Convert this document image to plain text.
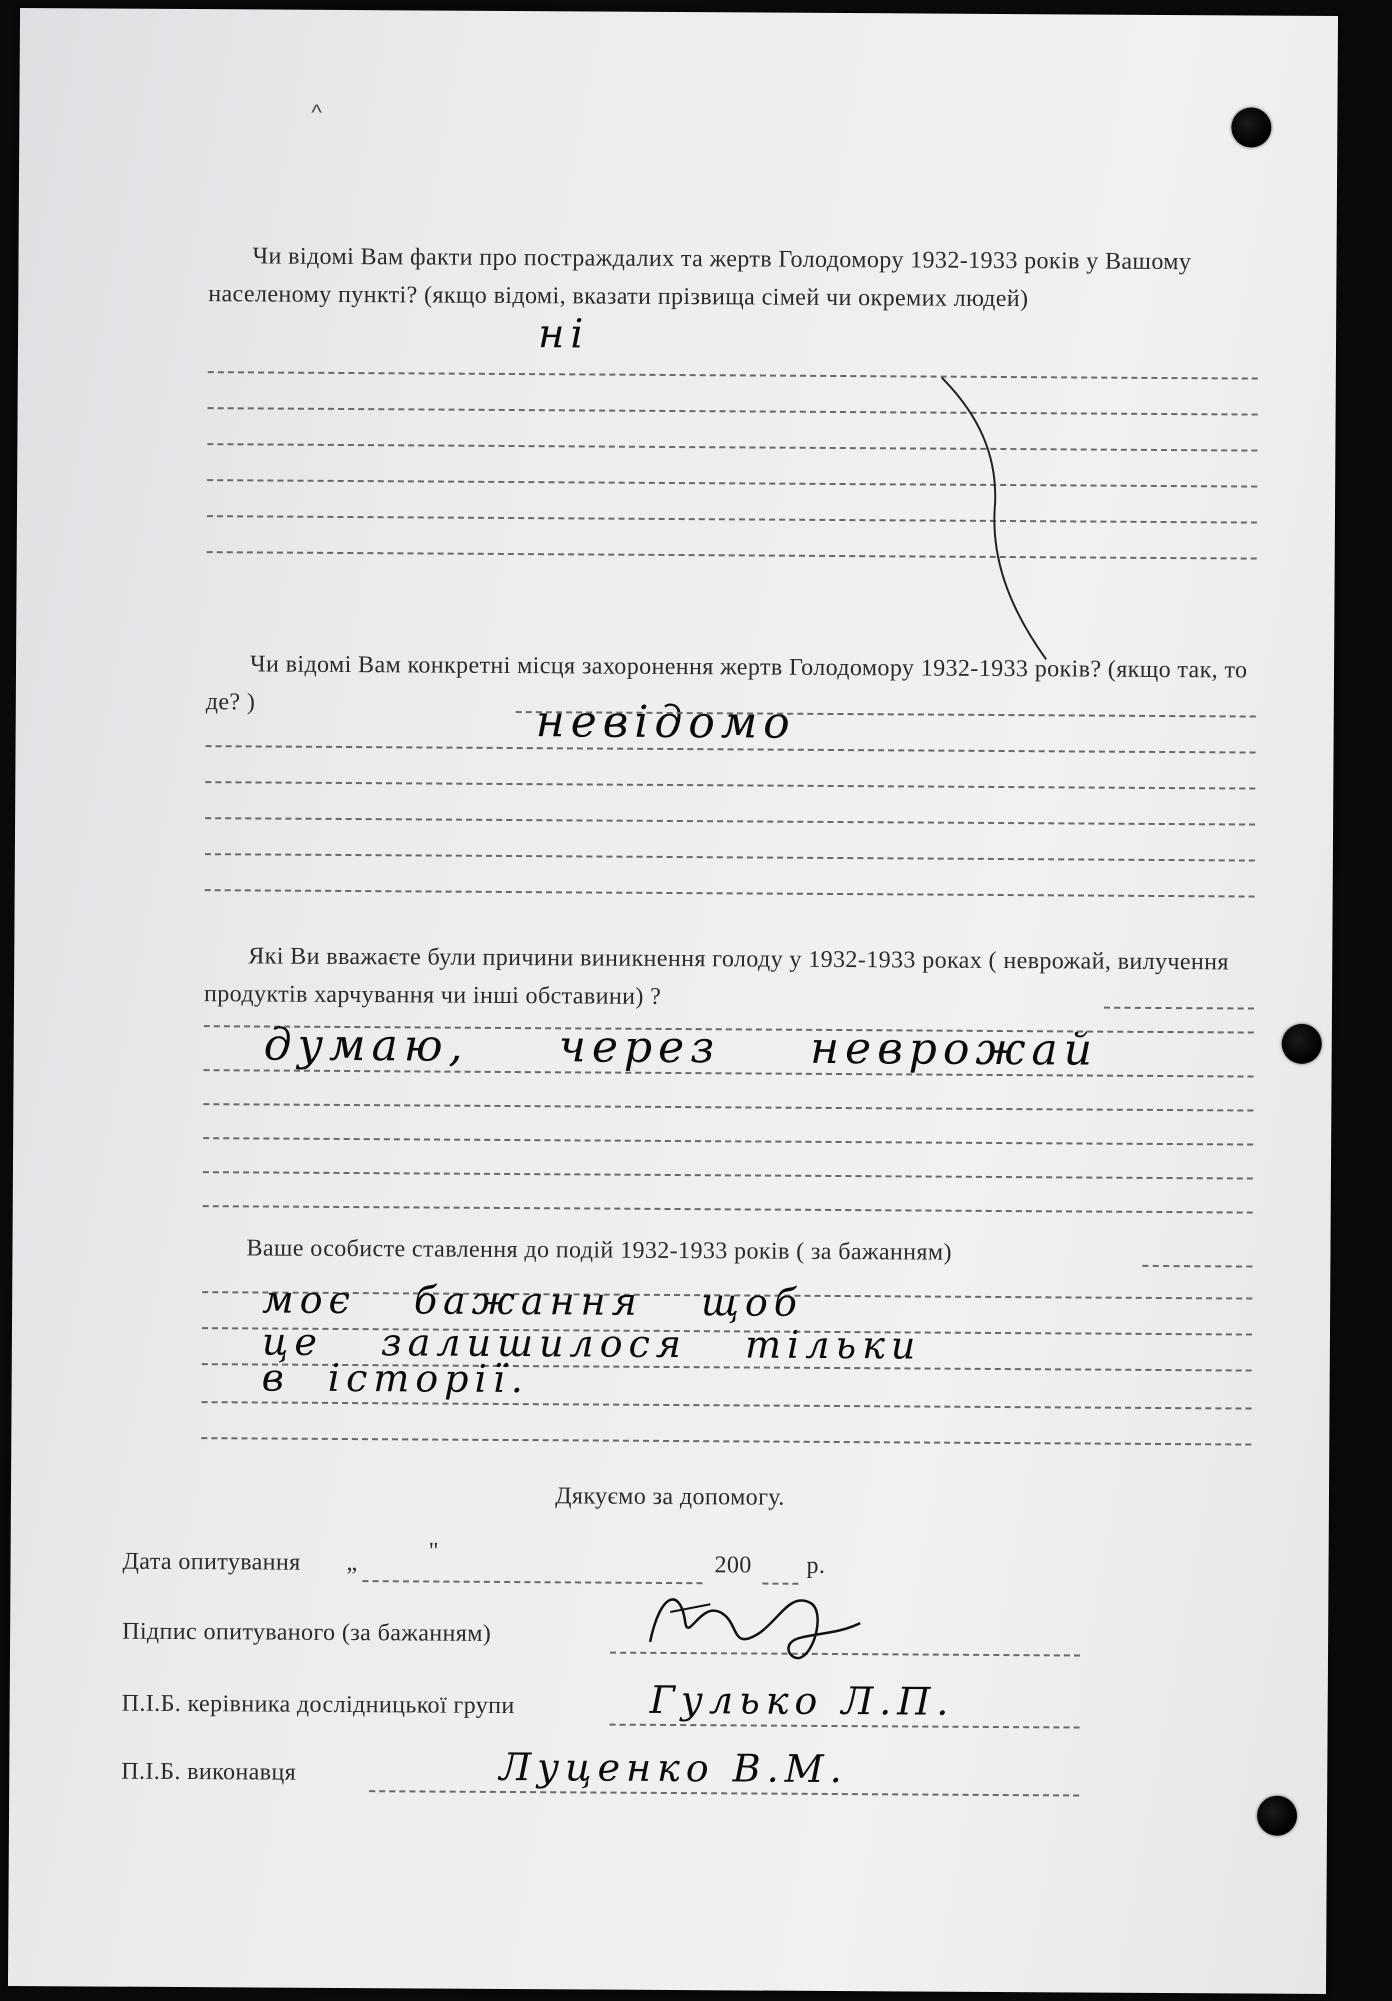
^
Чи відомі Вам факти про постраждалих та жертв Голодомору 1932-1933 років у Вашому населеному пункті? (якщо відомі, вказати прізвища сімей чи окремих людей)
ні
Чи відомі Вам конкретні місця захоронення жертв Голодомору 1932-1933 років? (якщо так, то де? )	невідомо
Які Ви вважаєте були причини виникнення голоду у 1932-1933 роках ( неврожай, вилучення продуктів харчування чи інші обставини) ?
думаю, через неврожай
Ваше особисте ставлення до подій 1932-1933 років ( за бажанням)
моє бажання щоб
це залишилося тільки
в історії.
Дякуємо за допомогу.
Дата опитування „	"
200 р.
Підпис опитуваного (за бажанням)
П.І.Б. керівника дослідницької групи	Гулько Л.П.
П.І.Б. виконавця	Луценко В.М.
